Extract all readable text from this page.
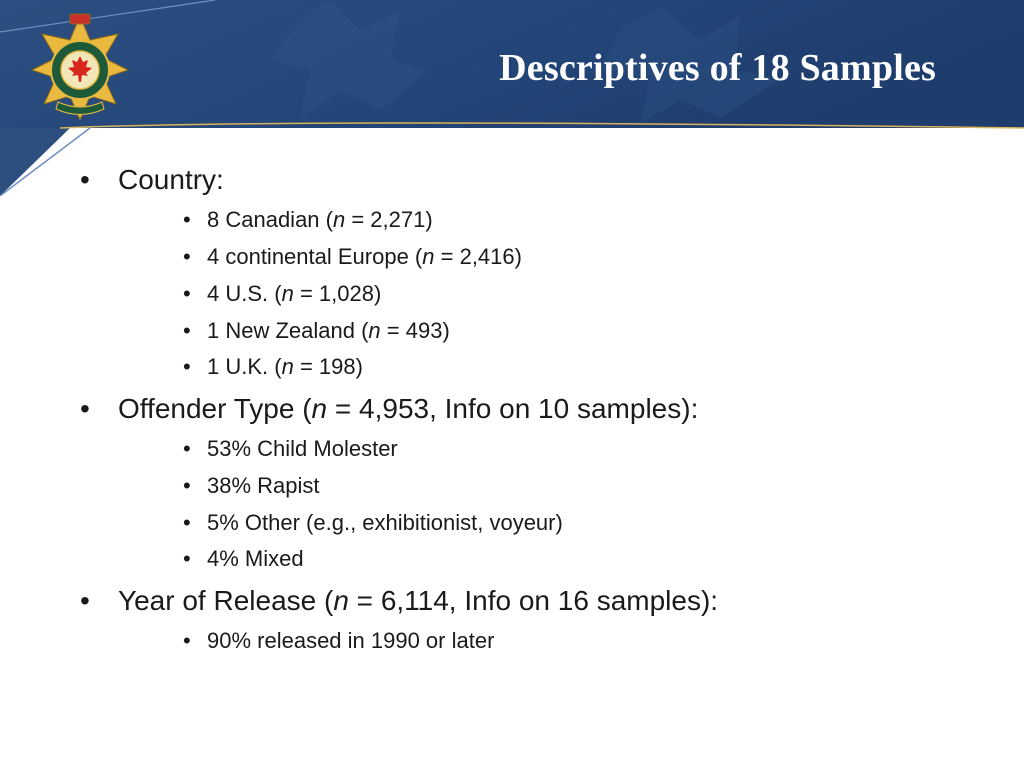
Descriptives of 18 Samples
• Country:
• 8 Canadian (n = 2,271)
• 4 continental Europe (n = 2,416)
• 4 U.S. (n = 1,028)
• 1 New Zealand (n = 493)
• 1 U.K. (n = 198)
• Offender Type (n = 4,953, Info on 10 samples):
• 53% Child Molester
• 38% Rapist
• 5% Other (e.g., exhibitionist, voyeur)
• 4% Mixed
• Year of Release (n = 6,114, Info on 16 samples):
• 90% released in 1990 or later
